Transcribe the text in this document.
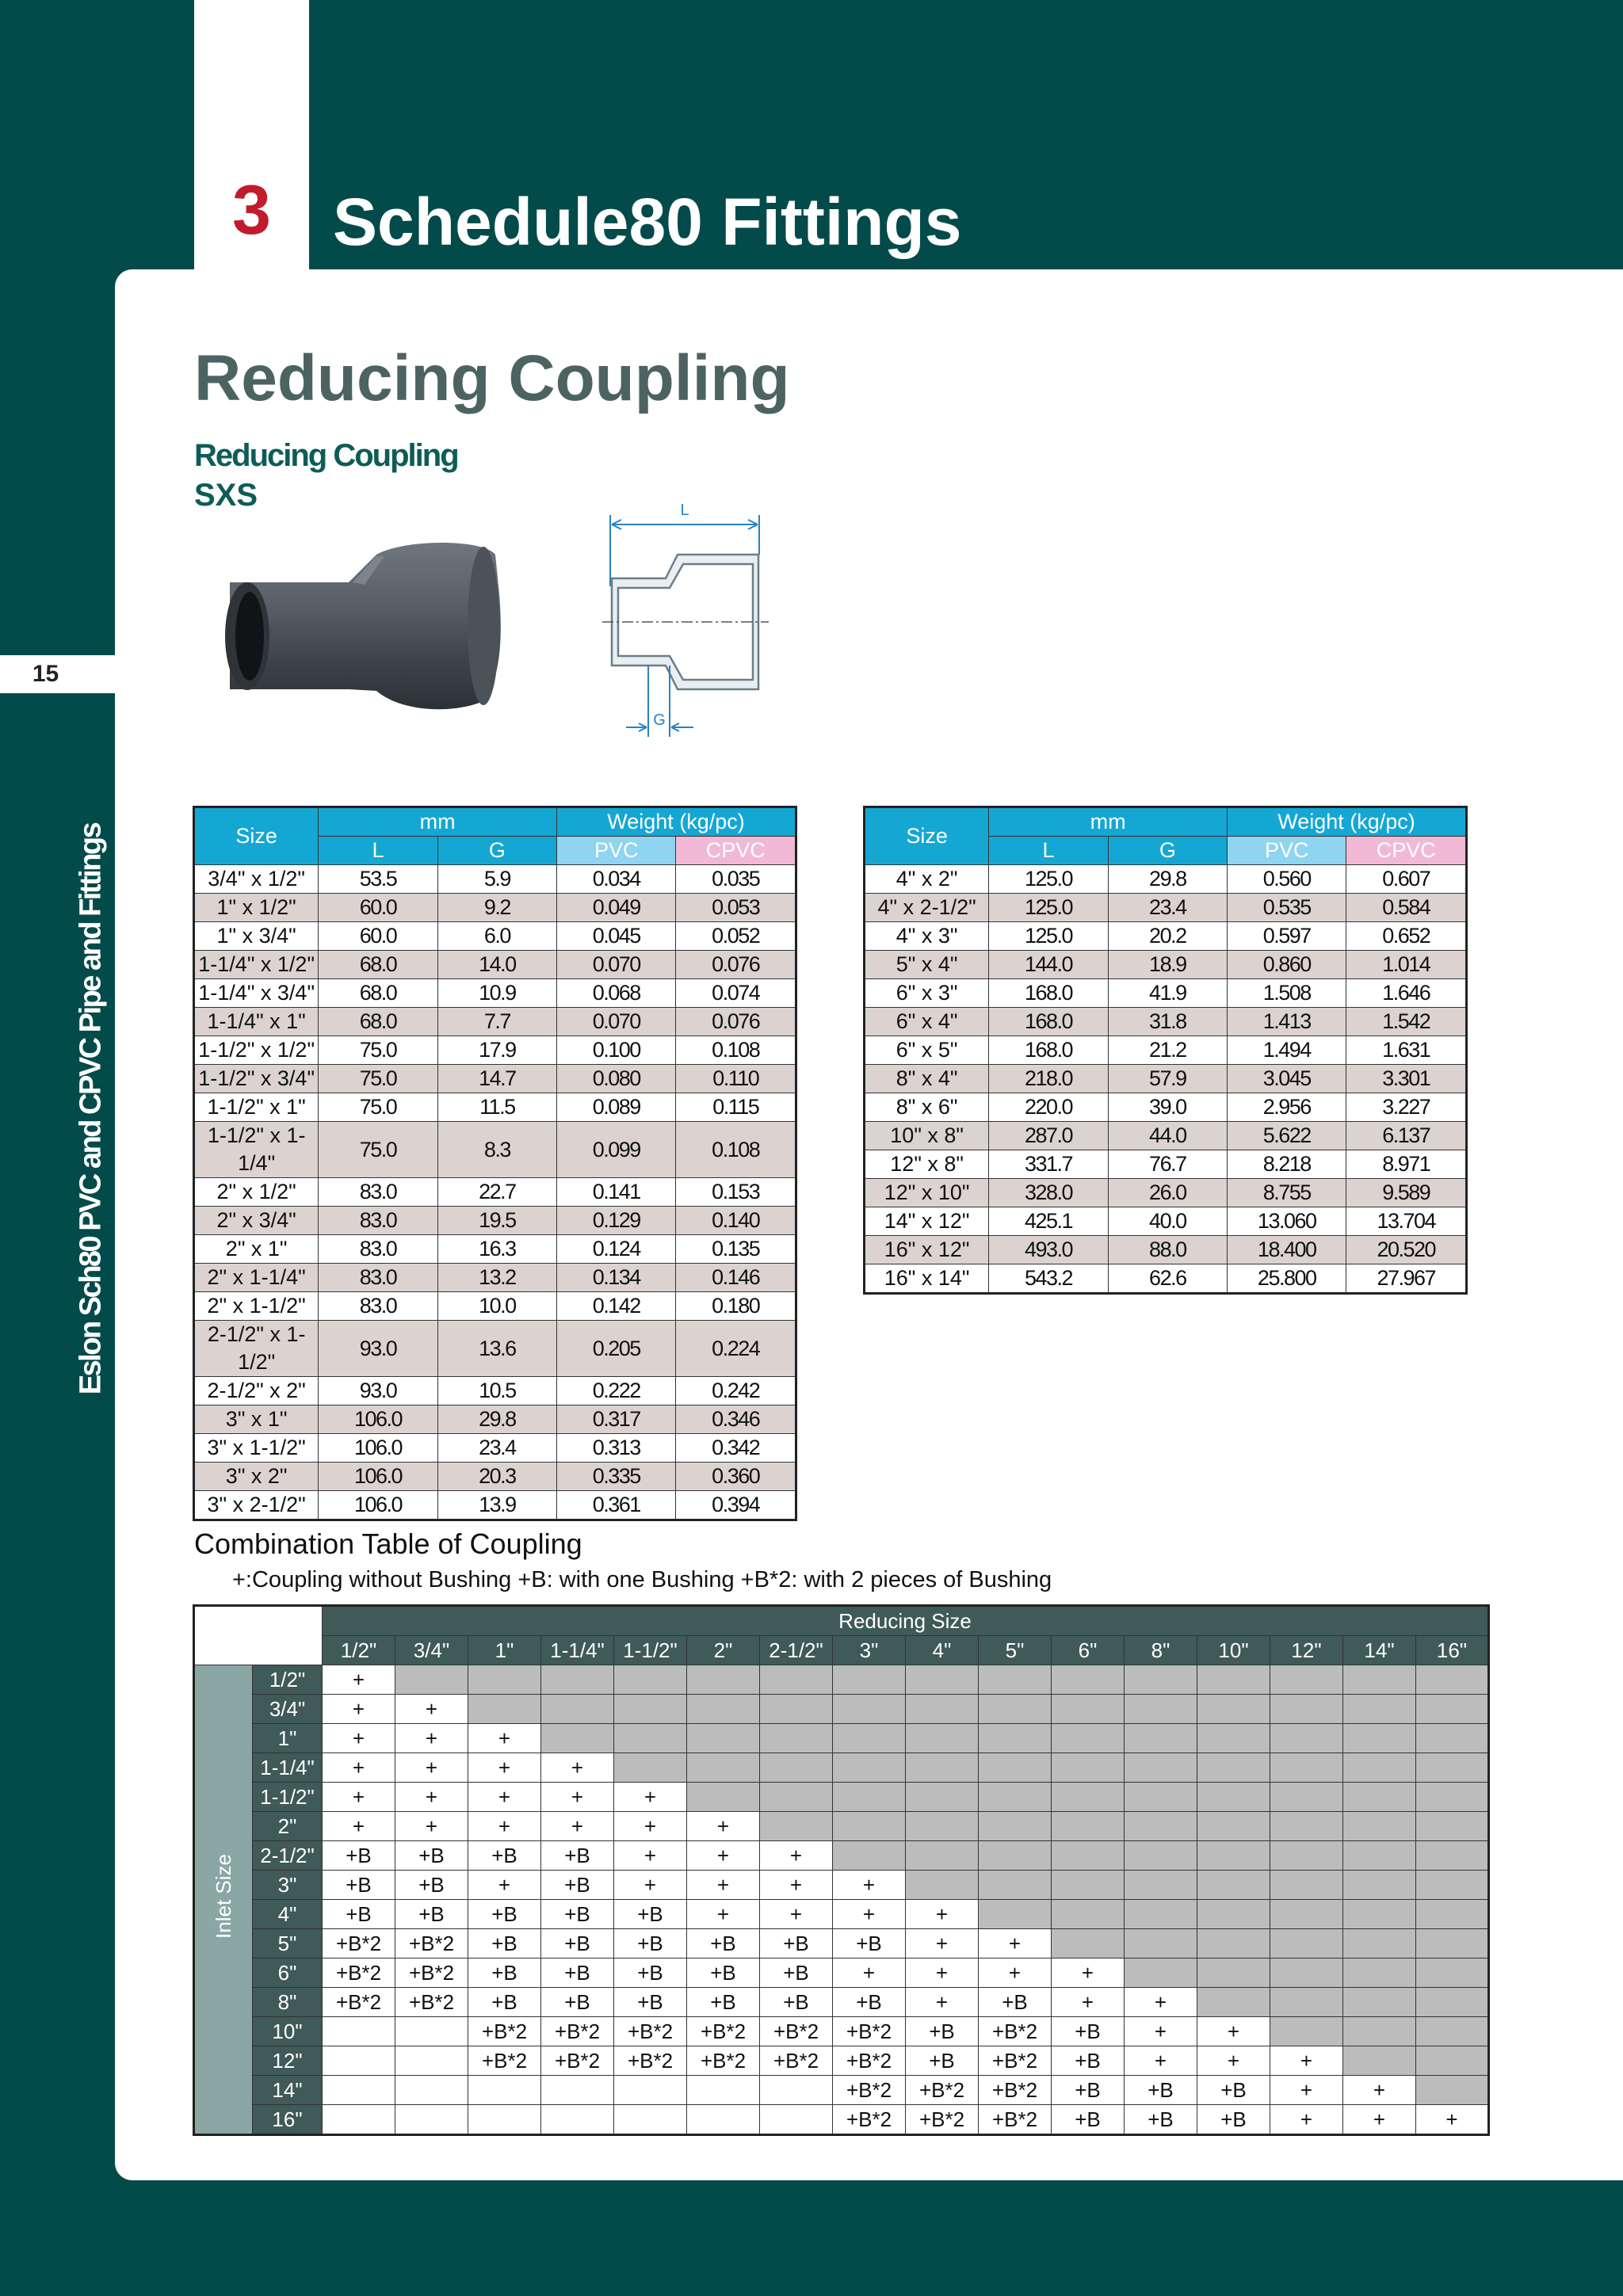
3 Schedule80 Fittings
15
Eslon Sch80 PVC and CPVC Pipe and Fittings
Reducing Coupling
Reducing Coupling
SXS	L
G
Size	mm		Weight (kg/pc)	
	L	G	PVC	CPVC
3/4" x 1/2"	53.5	5.9	0.034	0.035
1" x 1/2"	60.0	9.2	0.049	0.053
1" x 3/4"	60.0	6.0	0.045	0.052
1-1/4" x 1/2"	68.0	14.0	0.070	0.076
1-1/4" x 3/4"	68.0	10.9	0.068	0.074
1-1/4" x 1"	68.0	7.7	0.070	0.076
1-1/2" x 1/2"	75.0	17.9	0.100	0.108
1-1/2" x 3/4"	75.0	14.7	0.080	0.110
1-1/2" x 1"	75.0	11.5	0.089	0.115
1-1/2" x 1-1/4"	75.0	8.3	0.099	0.108
2" x 1/2"	83.0	22.7	0.141	0.153
2" x 3/4"	83.0	19.5	0.129	0.140
2" x 1"	83.0	16.3	0.124	0.135
2" x 1-1/4"	83.0	13.2	0.134	0.146
2" x 1-1/2"	83.0	10.0	0.142	0.180
2-1/2" x 1-1/2"	93.0	13.6	0.205	0.224
2-1/2" x 2"	93.0	10.5	0.222	0.242
3" x 1"	106.0	29.8	0.317	0.346
3" x 1-1/2"	106.0	23.4	0.313	0.342
3" x 2"	106.0	20.3	0.335	0.360
3" x 2-1/2"	106.0	13.9	0.361	0.394
Size	mm		Weight (kg/pc)	
	L	G	PVC	CPVC
4" x 2"	125.0	29.8	0.560	0.607
4" x 2-1/2"	125.0	23.4	0.535	0.584
4" x 3"	125.0	20.2	0.597	0.652
5" x 4"	144.0	18.9	0.860	1.014
6" x 3"	168.0	41.9	1.508	1.646
6" x 4"	168.0	31.8	1.413	1.542
6" x 5"	168.0	21.2	1.494	1.631
8" x 4"	218.0	57.9	3.045	3.301
8" x 6"	220.0	39.0	2.956	3.227
10" x 8"	287.0	44.0	5.622	6.137
12" x 8"	331.7	76.7	8.218	8.971
12" x 10"	328.0	26.0	8.755	9.589
14" x 12"	425.1	40.0	13.060	13.704
16" x 12"	493.0	88.0	18.400	20.520
16" x 14"	543.2	62.6	25.800	27.967
Combination Table of Coupling
+:Coupling without Bushing +B: with one Bushing +B*2: with 2 pieces of Bushing
		Reducing Size															
		1/2"	3/4"	1"	1-1/4"	1-1/2"	2"	2-1/2"	3"	4"	5"	6"	8"	10"	12"	14"	16"
Inlet Size	1/2"	+															
	3/4"	+	+														
	1"	+	+	+													
	1-1/4"	+	+	+	+												
	1-1/2"	+	+	+	+	+											
	2"	+	+	+	+	+	+										
	2-1/2"	+B	+B	+B	+B	+	+	+									
	3"	+B	+B	+	+B	+	+	+	+								
	4"	+B	+B	+B	+B	+B	+	+	+	+							
	5"	+B*2	+B*2	+B	+B	+B	+B	+B	+B	+	+						
	6"	+B*2	+B*2	+B	+B	+B	+B	+B	+	+	+	+					
	8"	+B*2	+B*2	+B	+B	+B	+B	+B	+B	+	+B	+	+				
	10"			+B*2	+B*2	+B*2	+B*2	+B*2	+B*2	+B	+B*2	+B	+	+			
	12"			+B*2	+B*2	+B*2	+B*2	+B*2	+B*2	+B	+B*2	+B	+	+	+		
	14"								+B*2	+B*2	+B*2	+B	+B	+B	+	+	
	16"								+B*2	+B*2	+B*2	+B	+B	+B	+	+	+
